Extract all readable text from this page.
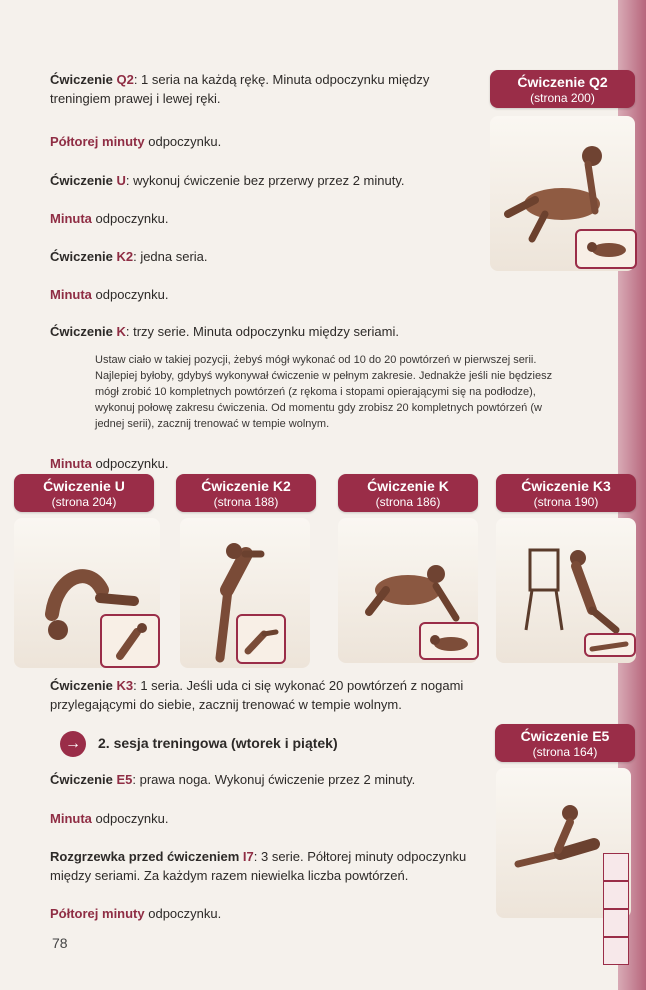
Ćwiczenie Q2: 1 seria na każdą rękę. Minuta odpoczynku między treningiem prawej i lewej ręki.
Półtorej minuty odpoczynku.
Ćwiczenie U: wykonuj ćwiczenie bez przerwy przez 2 minuty.
Minuta odpoczynku.
Ćwiczenie K2: jedna seria.
Minuta odpoczynku.
Ćwiczenie K: trzy serie. Minuta odpoczynku między seriami.
Ustaw ciało w takiej pozycji, żebyś mógł wykonać od 10 do 20 powtórzeń w pierwszej serii. Najlepiej byłoby, gdybyś wykonywał ćwiczenie w pełnym zakresie. Jednakże jeśli nie będziesz mógł zrobić 10 kompletnych powtórzeń (z rękoma i stopami opierającymi się na podłodze), wykonuj połowę zakresu ćwiczenia. Od momentu gdy zrobisz 20 kompletnych powtórzeń (w jednej serii), zacznij trenować w tempie wolnym.
Minuta odpoczynku.
Ćwiczenie Q2
(strona 200)
Ćwiczenie U
(strona 204)
Ćwiczenie K2
(strona 188)
Ćwiczenie K
(strona 186)
Ćwiczenie K3
(strona 190)
Ćwiczenie K3: 1 seria. Jeśli uda ci się wykonać 20 powtórzeń z nogami przylegającymi do siebie, zacznij trenować w tempie wolnym.
→	2. sesja treningowa (wtorek i piątek)	Ćwiczenie E5
(strona 164)
Ćwiczenie E5: prawa noga. Wykonuj ćwiczenie przez 2 minuty.
Minuta odpoczynku.
Rozgrzewka przed ćwiczeniem I7: 3 serie. Półtorej minuty odpoczynku między seriami. Za każdym razem niewielka liczba powtórzeń.
Półtorej minuty odpoczynku.
78
